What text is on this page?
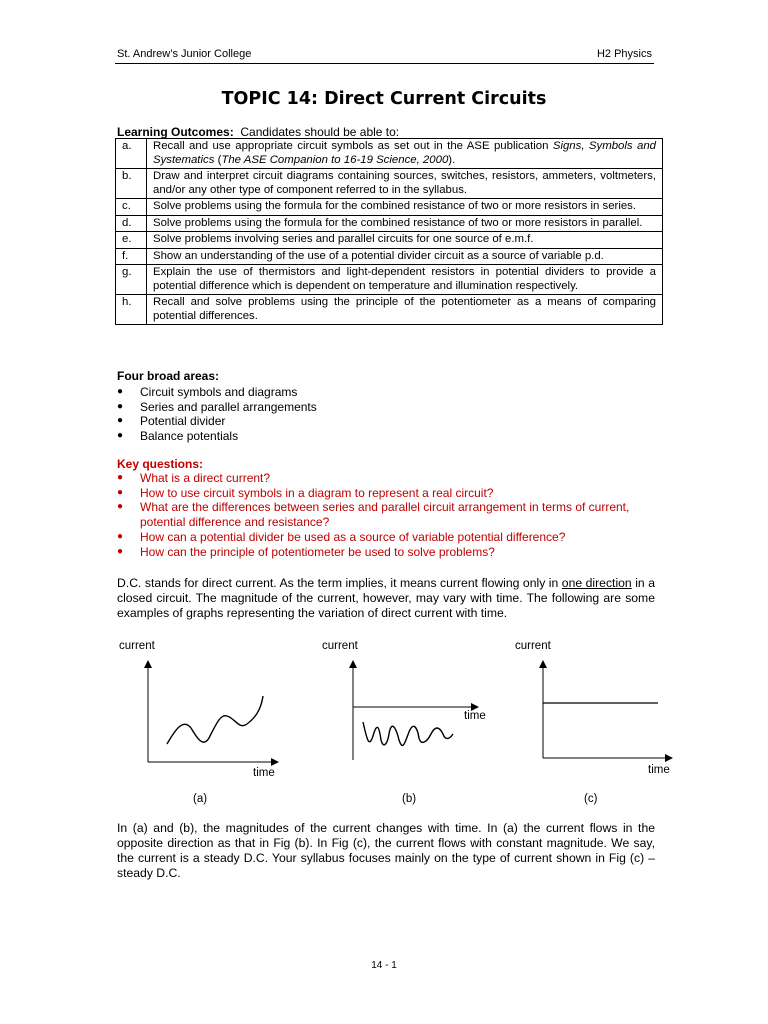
St. Andrew’s Junior College	H2 Physics
TOPIC 14: Direct Current Circuits
Learning Outcomes: Candidates should be able to:
a.	Recall and use appropriate circuit symbols as set out in the ASE publication Signs, Symbols and Systematics (The ASE Companion to 16-19 Science, 2000).
b.	Draw and interpret circuit diagrams containing sources, switches, resistors, ammeters, voltmeters, and/or any other type of component referred to in the syllabus.
c.	Solve problems using the formula for the combined resistance of two or more resistors in series.
d.	Solve problems using the formula for the combined resistance of two or more resistors in parallel.
e.	Solve problems involving series and parallel circuits for one source of e.m.f.
f.	Show an understanding of the use of a potential divider circuit as a source of variable p.d.
g.	Explain the use of thermistors and light-dependent resistors in potential dividers to provide a potential difference which is dependent on temperature and illumination respectively.
h.	Recall and solve problems using the principle of the potentiometer as a means of comparing potential differences.
Four broad areas:
● Circuit symbols and diagrams
● Series and parallel arrangements
● Potential divider
● Balance potentials
Key questions:
● What is a direct current?
● How to use circuit symbols in a diagram to represent a real circuit?
● What are the differences between series and parallel circuit arrangement in terms of current, potential difference and resistance?
● How can a potential divider be used as a source of variable potential difference?
● How can the principle of potentiometer be used to solve problems?

D.C. stands for direct current. As the term implies, it means current flowing only in one direction in a closed circuit. The magnitude of the current, however, may vary with time. The following are some examples of graphs representing the variation of direct current with time.

current
time
(a)
current
time
(b)
current
time
(c)

In (a) and (b), the magnitudes of the current changes with time. In (a) the current flows in the opposite direction as that in Fig (b). In Fig (c), the current flows with constant magnitude. We say, the current is a steady D.C. Your syllabus focuses mainly on the type of current shown in Fig (c) – steady D.C.

14 - 1
